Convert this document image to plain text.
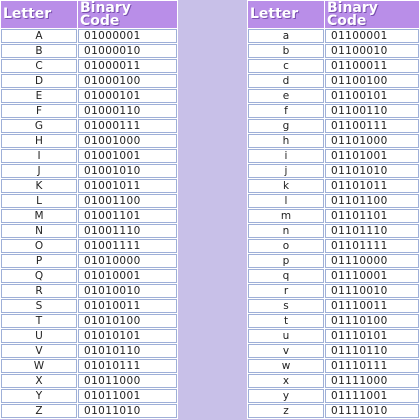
Letter	Binary Code
A	01000001
B	01000010
C	01000011
D	01000100
E	01000101
F	01000110
G	01000111
H	01001000
I	01001001
J	01001010
K	01001011
L	01001100
M	01001101
N	01001110
O	01001111
P	01010000
Q	01010001
R	01010010
S	01010011
T	01010100
U	01010101
V	01010110
W	01010111
X	01011000
Y	01011001
Z	01011010
Letter	Binary Code
a	01100001
b	01100010
c	01100011
d	01100100
e	01100101
f	01100110
g	01100111
h	01101000
i	01101001
j	01101010
k	01101011
l	01101100
m	01101101
n	01101110
o	01101111
p	01110000
q	01110001
r	01110010
s	01110011
t	01110100
u	01110101
v	01110110
w	01110111
x	01111000
y	01111001
z	01111010
